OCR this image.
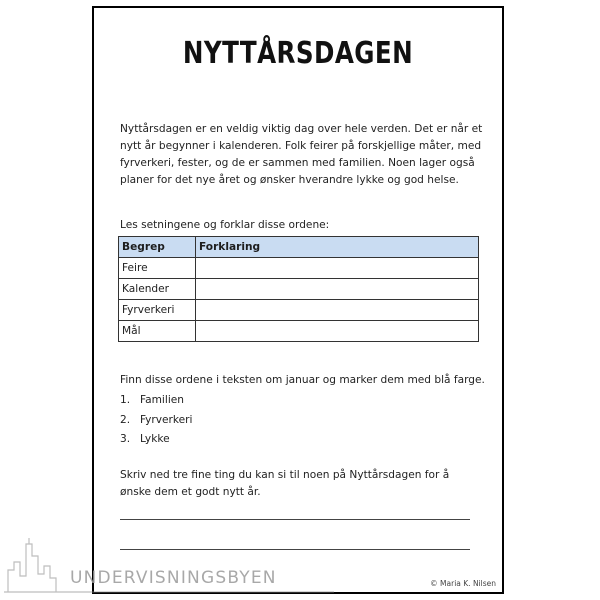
NYTTÅRSDAGEN
Nyttårsdagen er en veldig viktig dag over hele verden. Det er når et nytt år begynner i kalenderen. Folk feirer på forskjellige måter, med fyrverkeri, fester, og de er sammen med familien. Noen lager også planer for det nye året og ønsker hverandre lykke og god helse.
Les setningene og forklar disse ordene:
Begrep	Forklaring
Feire	
Kalender	
Fyrverkeri	
Mål	
Finn disse ordene i teksten om januar og marker dem med blå farge.
1. Familien
2. Fyrverkeri
3. Lykke
Skriv ned tre fine ting du kan si til noen på Nyttårsdagen for å ønske dem et godt nytt år.
© Maria K. Nilsen
UNDERVISNINGSBYEN
